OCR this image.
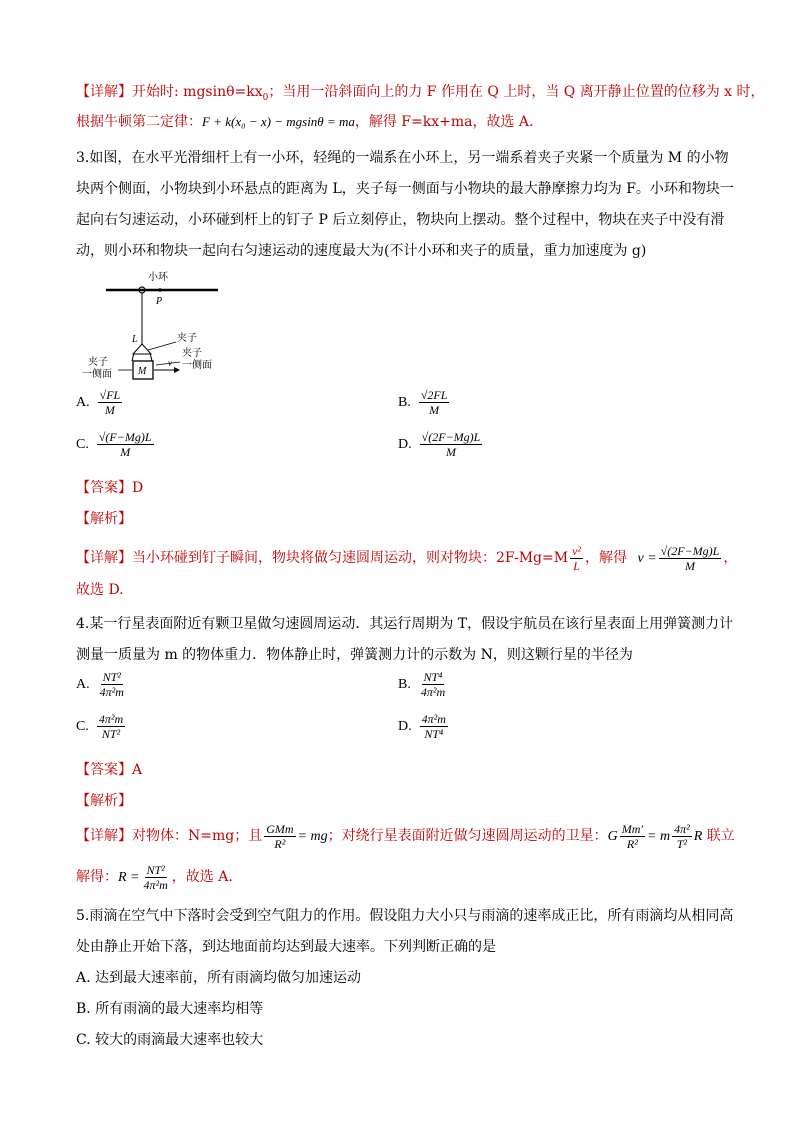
【详解】开始时: $mgsin\theta=kx_0$；当用一沿斜面向上的力 F 作用在 Q 上时，当 Q 离开静止位置的位移为 x 时，
根据牛顿第二定律：F + k(x₀ − x) − mgsinθ = ma，解得 F=kx+ma，故选 A.
3.如图，在水平光滑细杆上有一小环，轻绳的一端系在小环上，另一端系着夹子夹紧一个质量为 M 的小物
块两个侧面，小物块到小环悬点的距离为 L，夹子每一侧面与小物块的最大静摩擦力均为 F。小环和物块一
起向右匀速运动，小环碰到杆上的钉子 P 后立刻停止，物块向上摆动。整个过程中，物块在夹子中没有滑
动，则小环和物块一起向右匀速运动的速度最大为(不计小环和夹子的质量，重力加速度为 g)
小环
P
L	夹子
夹子
一侧面
夹子
一侧面	M
v
A. $\frac{√FL}{M}$	B. $\frac{√2FL}{M}$
C. $\frac{√(F-Mg)L}{M}$	D. $\frac{√(2F-Mg)L}{M}$
【答案】D
【解析】
【详解】当小环碰到钉子瞬间，物块将做匀速圆周运动，则对物块：$2F-Mg=M \frac{\text{v²}}{L}$ ，解得 $v = \frac{√(2F-Mg)L}{M}$ ，
故选 D.
4.某一行星表面附近有颗卫星做匀速圆周运动．其运行周期为 T，假设宇航员在该行星表面上用弹簧测力计
测量一质量为 m 的物体重力．物体静止时，弹簧测力计的示数为 N，则这颗行星的半径为
A. $\frac{\text{NT²}}{\text{4π²m}}$	B. $\frac{\text{NT⁴}}{\text{4π²m}}$
C. $\frac{\text{4π²m}}{\text{NT²}}$	D. $\frac{\text{4π²m}}{\text{NT⁴}}$
【答案】A
【解析】
【详解】对物体：N=mg；且 $\frac{\text{GMm}}{\text{R²}}$ = mg；对绕行星表面附近做匀速圆周运动的卫星：G $\frac{Mm'}{\text{R²}} = m \frac{\text{4π²}}{\text{T²}}$ R 联立
解得：$R = \frac{\text{NT²}}{\text{4π²m}}$ ，故选 A.
5.雨滴在空气中下落时会受到空气阻力的作用。假设阻力大小只与雨滴的速率成正比，所有雨滴均从相同高
处由静止开始下落，到达地面前均达到最大速率。下列判断正确的是
A. 达到最大速率前，所有雨滴均做匀加速运动
B. 所有雨滴的最大速率均相等
C. 较大的雨滴最大速率也较大
